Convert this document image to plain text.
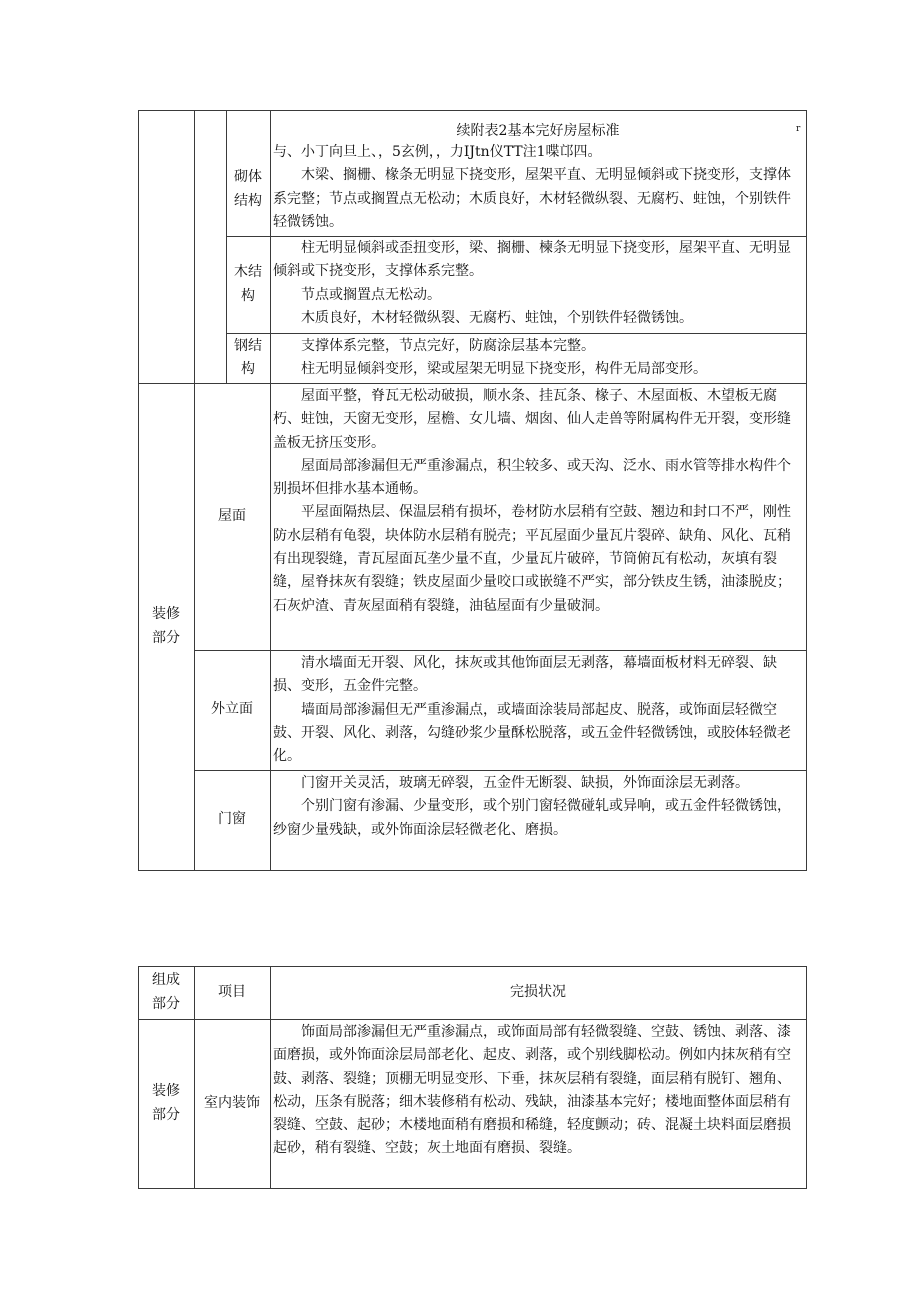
续附表2基本完好房屋标准	r
砌体
结构
木结
构
钢结
构

与、小丁向旦上、，5玄例，，力IJtn仪TT注1喋邙四。

木梁、搁栅、椽条无明显下挠变形，屋架平直、无明显倾斜或下挠变形，支撑体系完整；节点或搁置点无松动；木质良好，木材轻微纵裂、无腐朽、蛀蚀，个别铁件轻微锈蚀。

柱无明显倾斜或歪扭变形，梁、搁栅、楝条无明显下挠变形，屋架平直、无明显倾斜或下挠变形，支撑体系完整。

节点或搁置点无松动。

木质良好，木材轻微纵裂、无腐朽、蛀蚀，个别铁件轻微锈蚀。

支撑体系完整，节点完好，防腐涂层基本完整。

柱无明显倾斜变形，梁或屋架无明显下挠变形，构件无局部变形。

装修
部分
屋面

屋面平整，脊瓦无松动破损，顺水条、挂瓦条、椽子、木屋面板、木望板无腐朽、蛀蚀，天窗无变形，屋檐、女儿墙、烟囱、仙人走兽等附属构件无开裂，变形缝盖板无挤压变形。

屋面局部渗漏但无严重渗漏点，积尘较多、或天沟、泛水、雨水管等排水构件个别损坏但排水基本通畅。

平屋面隔热层、保温层稍有损坏，卷材防水层稍有空鼓、翘边和封口不严，刚性防水层稍有龟裂，块体防水层稍有脱壳；平瓦屋面少量瓦片裂碎、缺角、风化、瓦稍有出现裂缝，青瓦屋面瓦垄少量不直，少量瓦片破碎，节筒俯瓦有松动，灰填有裂缝，屋脊抹灰有裂缝；铁皮屋面少量咬口或嵌缝不严实，部分铁皮生锈，油漆脱皮；石灰炉渣、青灰屋面稍有裂缝，油毡屋面有少量破洞。

外立面

清水墙面无开裂、风化，抹灰或其他饰面层无剥落，幕墙面板材料无碎裂、缺损、变形，五金件完整。

墙面局部渗漏但无严重渗漏点，或墙面涂装局部起皮、脱落，或饰面层轻微空鼓、开裂、风化、剥落，勾缝砂浆少量酥松脱落，或五金件轻微锈蚀，或胶体轻微老化。

门窗

门窗开关灵活，玻璃无碎裂，五金件无断裂、缺损，外饰面涂层无剥落。

个别门窗有渗漏、少量变形，或个别门窗轻微碰轧或异响，或五金件轻微锈蚀，纱窗少量残缺，或外饰面涂层轻微老化、磨损。

组成
部分
项目	完损状况
装修
部分
室内装饰

饰面局部渗漏但无严重渗漏点，或饰面局部有轻微裂缝、空鼓、锈蚀、剥落、漆面磨损，或外饰面涂层局部老化、起皮、剥落，或个别线脚松动。例如内抹灰稍有空鼓、剥落、裂缝；顶棚无明显变形、下垂，抹灰层稍有裂缝，面层稍有脱钉、翘角、松动，压条有脱落；细木装修稍有松动、残缺，油漆基本完好；楼地面整体面层稍有裂缝、空鼓、起砂；木楼地面稍有磨损和稀缝，轻度颤动；砖、混凝土块料面层磨损起砂，稍有裂缝、空鼓；灰土地面有磨损、裂缝。
